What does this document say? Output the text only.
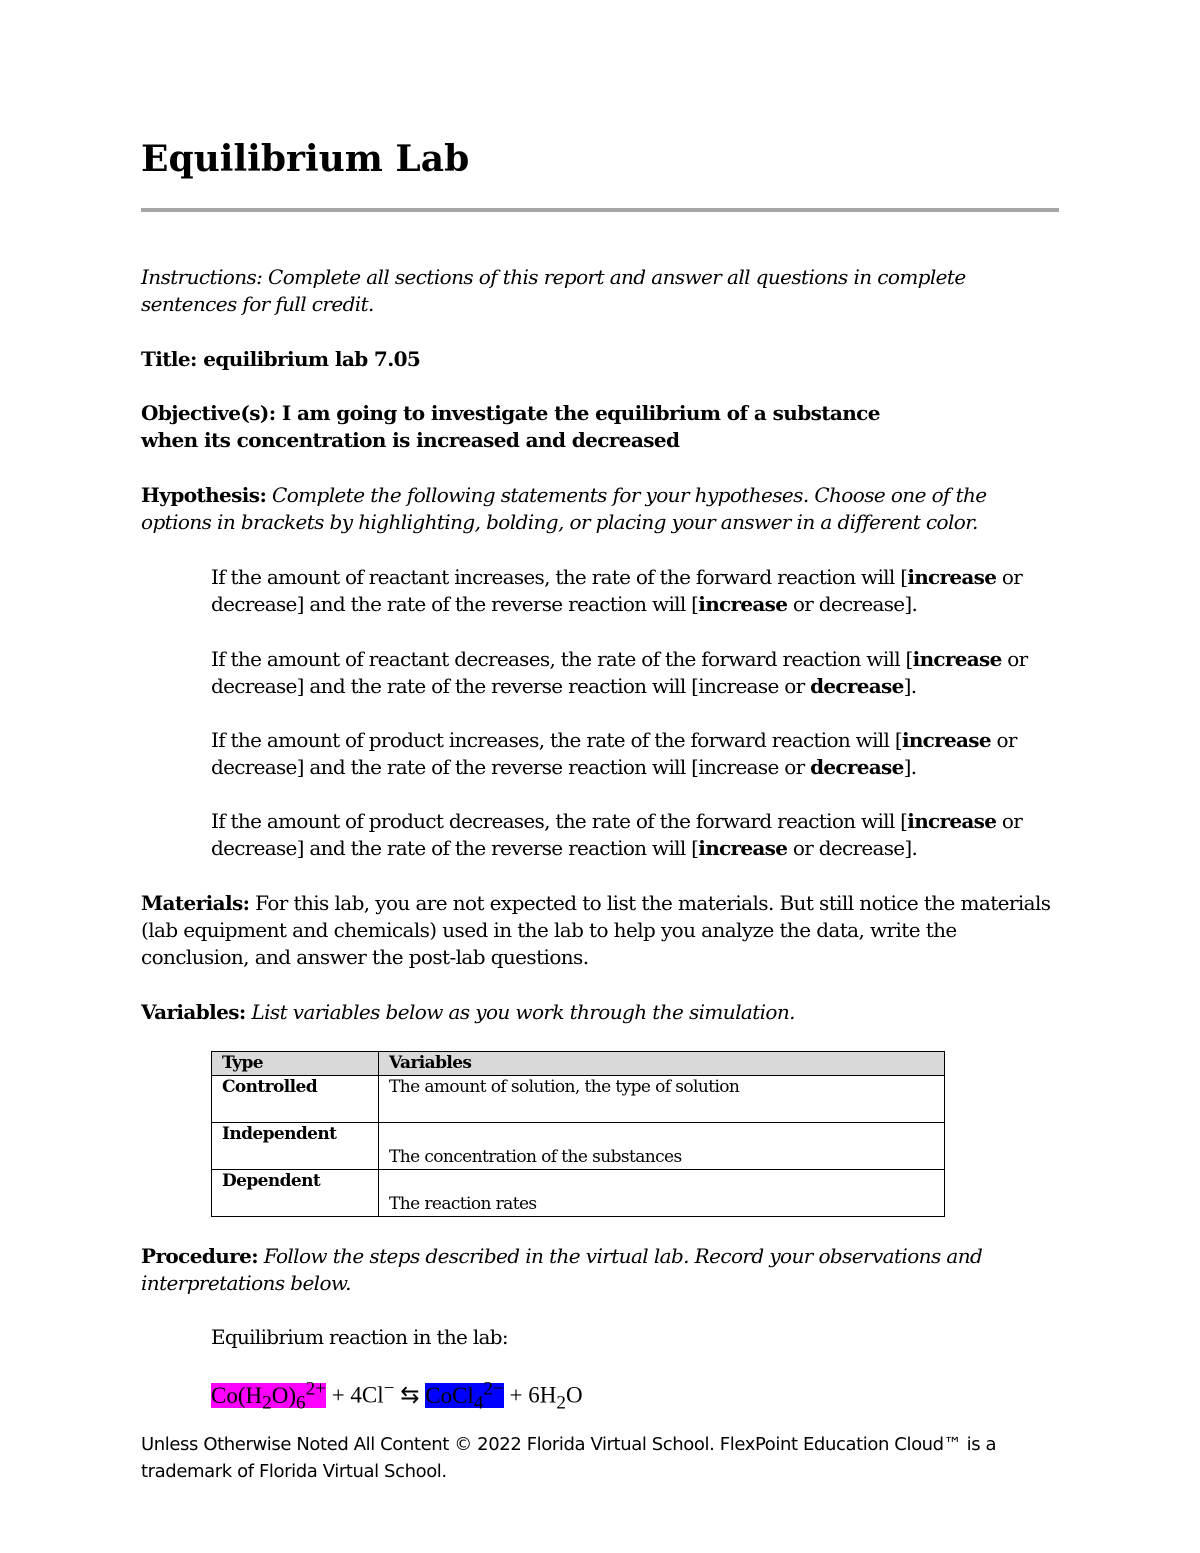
Equilibrium Lab

Instructions: Complete all sections of this report and answer all questions in complete sentences for full credit.

Title: equilibrium lab 7.05

Objective(s): I am going to investigate the equilibrium of a substance when its concentration is increased and decreased

Hypothesis: Complete the following statements for your hypotheses. Choose one of the options in brackets by highlighting, bolding, or placing your answer in a different color.

If the amount of reactant increases, the rate of the forward reaction will [increase or decrease] and the rate of the reverse reaction will [increase or decrease].

If the amount of reactant decreases, the rate of the forward reaction will [increase or decrease] and the rate of the reverse reaction will [increase or decrease].

If the amount of product increases, the rate of the forward reaction will [increase or decrease] and the rate of the reverse reaction will [increase or decrease].

If the amount of product decreases, the rate of the forward reaction will [increase or decrease] and the rate of the reverse reaction will [increase or decrease].

Materials: For this lab, you are not expected to list the materials. But still notice the materials (lab equipment and chemicals) used in the lab to help you analyze the data, write the conclusion, and answer the post-lab questions.

Variables: List variables below as you work through the simulation.

Type	Variables
Controlled	The amount of solution, the type of solution
Independent	The concentration of the substances
Dependent	The reaction rates

Procedure: Follow the steps described in the virtual lab. Record your observations and interpretations below.

Equilibrium reaction in the lab:

$Co(H_2O)_6^{2+} + 4Cl^-$ ⇆ CoCl$_4^{2-}$ + $6H_2O$
Unless Otherwise Noted All Content © 2022 Florida Virtual School. FlexPoint Education Cloud™ is a trademark of Florida Virtual School.
